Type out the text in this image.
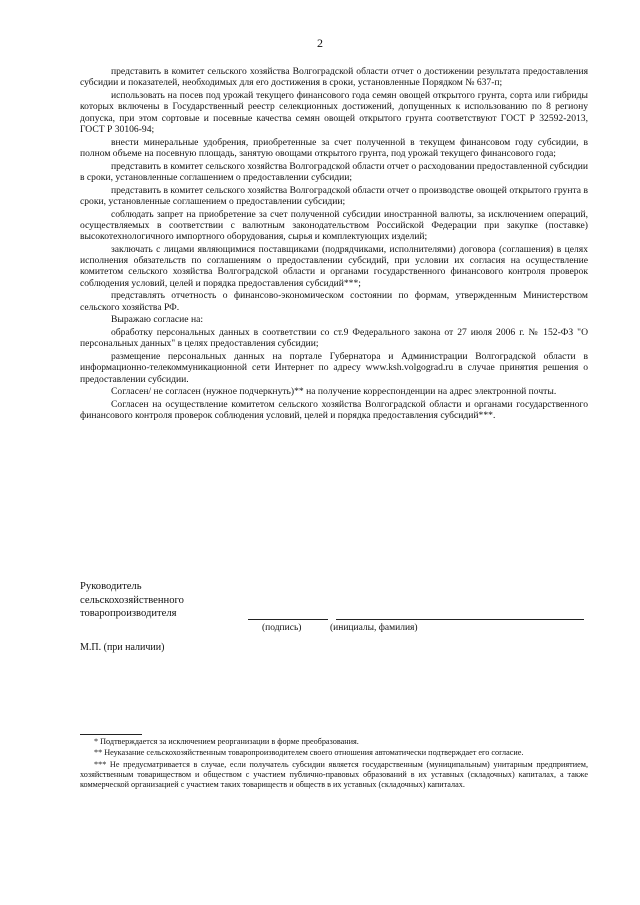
2

представить в комитет сельского хозяйства Волгоградской области отчет о достижении результата предоставления субсидии и показателей, необходимых для его достижения в сроки, установленные Порядком № 637-п;

использовать на посев под урожай текущего финансового года семян овощей открытого грунта, сорта или гибриды которых включены в Государственный реестр селекционных достижений, допущенных к использованию по 8 региону допуска, при этом сортовые и посевные качества семян овощей открытого грунта соответствуют ГОСТ Р 32592-2013, ГОСТ Р 30106-94;

внести минеральные удобрения, приобретенные за счет полученной в текущем финансовом году субсидии, в полном объеме на посевную площадь, занятую овощами открытого грунта, под урожай текущего финансового года;

представить в комитет сельского хозяйства Волгоградской области отчет о расходовании предоставленной субсидии в сроки, установленные соглашением о предоставлении субсидии;

представить в комитет сельского хозяйства Волгоградской области отчет о производстве овощей открытого грунта в сроки, установленные соглашением о предоставлении субсидии;

соблюдать запрет на приобретение за счет полученной субсидии иностранной валюты, за исключением операций, осуществляемых в соответствии с валютным законодательством Российской Федерации при закупке (поставке) высокотехнологичного импортного оборудования, сырья и комплектующих изделий;

заключать с лицами являющимися поставщиками (подрядчиками, исполнителями) договора (соглашения) в целях исполнения обязательств по соглашениям о предоставлении субсидий, при условии их согласия на осуществление комитетом сельского хозяйства Волгоградской области и органами государственного финансового контроля проверок соблюдения условий, целей и порядка предоставления субсидий***;

представлять отчетность о финансово-экономическом состоянии по формам, утвержденным Министерством сельского хозяйства РФ.

Выражаю согласие на:

обработку персональных данных в соответствии со ст.9 Федерального закона от 27 июля 2006 г. № 152-ФЗ "О персональных данных" в целях предоставления субсидии;

размещение персональных данных на портале Губернатора и Администрации Волгоградской области в информационно-телекоммуникационной сети Интернет по адресу www.ksh.volgograd.ru в случае принятия решения о предоставлении субсидии.

Согласен/ не согласен (нужное подчеркнуть)** на получение корреспонденции на адрес электронной почты.

Согласен на осуществление комитетом сельского хозяйства Волгоградской области и органами государственного финансового контроля проверок соблюдения условий, целей и порядка предоставления субсидий***.

Руководитель
сельскохозяйственного
товаропроизводителя
(подпись)	(инициалы, фамилия)
М.П. (при наличии)

* Подтверждается за исключением реорганизации в форме преобразования.

** Неуказание сельскохозяйственным товаропроизводителем своего отношения автоматически подтверждает его согласие.

*** Не предусматривается в случае, если получатель субсидии является государственным (муниципальным) унитарным предприятием, хозяйственным товариществом и обществом с участием публично-правовых образований в их уставных (складочных) капиталах, а также коммерческой организацией с участием таких товариществ и обществ в их уставных (складочных) капиталах.
